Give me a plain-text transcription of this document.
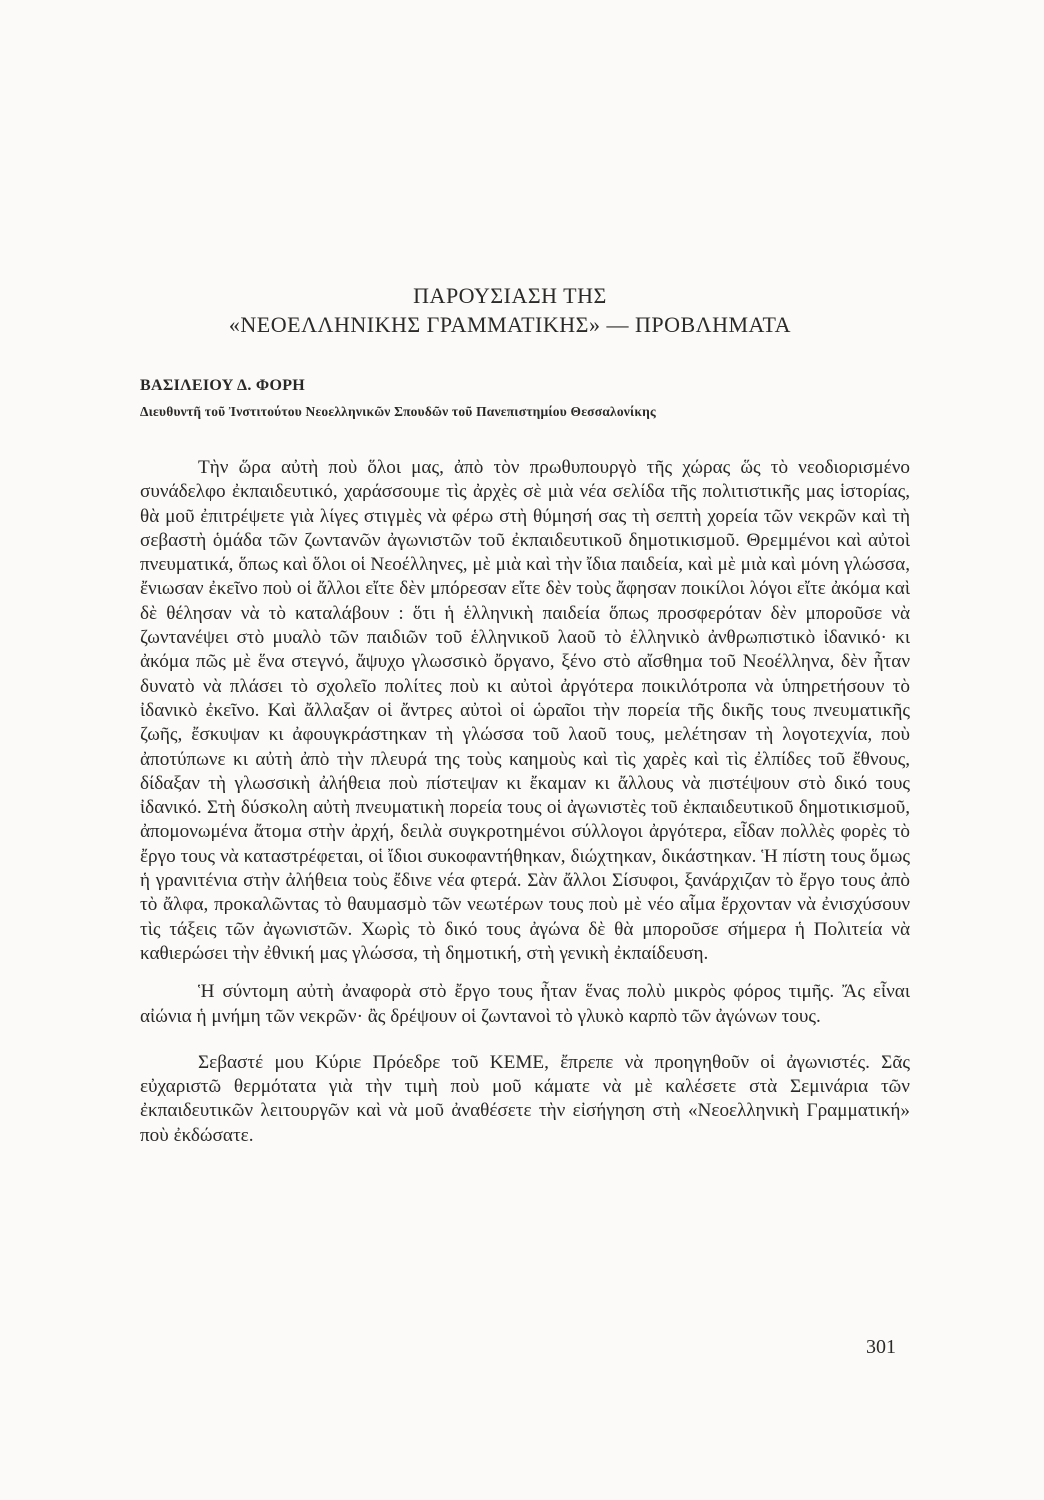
ΠΑΡΟΥΣΙΑΣΗ ΤΗΣ
«ΝΕΟΕΛΛΗΝΙΚΗΣ ΓΡΑΜΜΑΤΙΚΗΣ» — ΠΡΟΒΛΗΜΑΤΑ
ΒΑΣΙΛΕΙΟΥ Δ. ΦΟΡΗ
Διευθυντῆ τοῦ Ἰνστιτούτου Νεοελληνικῶν Σπουδῶν τοῦ Πανεπιστημίου Θεσσαλονίκης

Τὴν ὥρα αὐτὴ ποὺ ὅλοι μας, ἀπὸ τὸν πρωθυπουργὸ τῆς χώρας ὥς τὸ νεοδιορισμένο συνάδελφο ἐκπαιδευτικό, χαράσσουμε τὶς ἀρχὲς σὲ μιὰ νέα σελίδα τῆς πολιτιστικῆς μας ἱστορίας, θὰ μοῦ ἐπιτρέψετε γιὰ λίγες στιγμὲς νὰ φέρω στὴ θύμησή σας τὴ σεπτὴ χορεία τῶν νεκρῶν καὶ τὴ σεβαστὴ ὁμάδα τῶν ζωντανῶν ἀγωνιστῶν τοῦ ἐκπαιδευτικοῦ δημοτικισμοῦ. Θρεμμένοι καὶ αὐτοὶ πνευματικά, ὅπως καὶ ὅλοι οἱ Νεοέλληνες, μὲ μιὰ καὶ τὴν ἴδια παιδεία, καὶ μὲ μιὰ καὶ μόνη γλώσσα, ἔνιωσαν ἐκεῖνο ποὺ οἱ ἄλλοι εἴτε δὲν μπόρεσαν εἴτε δὲν τοὺς ἄφησαν ποικίλοι λόγοι εἴτε ἀκόμα καὶ δὲ θέλησαν νὰ τὸ καταλάβουν : ὅτι ἡ ἑλληνικὴ παιδεία ὅπως προσφερόταν δὲν μποροῦσε νὰ ζωντανέψει στὸ μυαλὸ τῶν παιδιῶν τοῦ ἑλληνικοῦ λαοῦ τὸ ἑλληνικὸ ἀνθρωπιστικὸ ἰδανικό· κι ἀκόμα πῶς μὲ ἕνα στεγνό, ἄψυχο γλωσσικὸ ὄργανο, ξένο στὸ αἴσθημα τοῦ Νεοέλληνα, δὲν ἦταν δυνατὸ νὰ πλάσει τὸ σχολεῖο πολίτες ποὺ κι αὐτοὶ ἀργότερα ποικιλότροπα νὰ ὑπηρετήσουν τὸ ἰδανικὸ ἐκεῖνο. Καὶ ἄλλαξαν οἱ ἄντρες αὐτοὶ οἱ ὡραῖοι τὴν πορεία τῆς δικῆς τους πνευματικῆς ζωῆς, ἔσκυψαν κι ἀφουγκράστηκαν τὴ γλώσσα τοῦ λαοῦ τους, μελέτησαν τὴ λογοτεχνία, ποὺ ἀποτύπωνε κι αὐτὴ ἀπὸ τὴν πλευρά της τοὺς καημοὺς καὶ τὶς χαρὲς καὶ τὶς ἐλπίδες τοῦ ἔθνους, δίδαξαν τὴ γλωσσικὴ ἀλήθεια ποὺ πίστεψαν κι ἔκαμαν κι ἄλλους νὰ πιστέψουν στὸ δικό τους ἰδανικό. Στὴ δύσκολη αὐτὴ πνευματικὴ πορεία τους οἱ ἀγωνιστὲς τοῦ ἐκπαιδευτικοῦ δημοτικισμοῦ, ἀπομονωμένα ἄτομα στὴν ἀρχή, δειλὰ συγκροτημένοι σύλλογοι ἀργότερα, εἶδαν πολλὲς φορὲς τὸ ἔργο τους νὰ καταστρέφεται, οἱ ἴδιοι συκοφαντήθηκαν, διώχτηκαν, δικάστηκαν. Ἡ πίστη τους ὅμως ἡ γρανιτένια στὴν ἀλήθεια τοὺς ἔδινε νέα φτερά. Σὰν ἄλλοι Σίσυφοι, ξανάρχιζαν τὸ ἔργο τους ἀπὸ τὸ ἄλφα, προκαλῶντας τὸ θαυμασμὸ τῶν νεωτέρων τους ποὺ μὲ νέο αἷμα ἔρχονταν νὰ ἐνισχύσουν τὶς τάξεις τῶν ἀγωνιστῶν. Χωρὶς τὸ δικό τους ἀγώνα δὲ θὰ μποροῦσε σήμερα ἡ Πολιτεία νὰ καθιερώσει τὴν ἐθνική μας γλώσσα, τὴ δημοτική, στὴ γενικὴ ἐκπαίδευση.

Ἡ σύντομη αὐτὴ ἀναφορὰ στὸ ἔργο τους ἦταν ἕνας πολὺ μικρὸς φόρος τιμῆς. Ἄς εἶναι αἰώνια ἡ μνήμη τῶν νεκρῶν· ἂς δρέψουν οἱ ζωντανοὶ τὸ γλυκὸ καρπὸ τῶν ἀγώνων τους.

Σεβαστέ μου Κύριε Πρόεδρε τοῦ ΚΕΜΕ, ἔπρεπε νὰ προηγηθοῦν οἱ ἀγωνιστές. Σᾶς εὐχαριστῶ θερμότατα γιὰ τὴν τιμὴ ποὺ μοῦ κάματε νὰ μὲ καλέσετε στὰ Σεμινάρια τῶν ἐκπαιδευτικῶν λειτουργῶν καὶ νὰ μοῦ ἀναθέσετε τὴν εἰσήγηση στὴ «Νεοελληνικὴ Γραμματική» ποὺ ἐκδώσατε.

301
